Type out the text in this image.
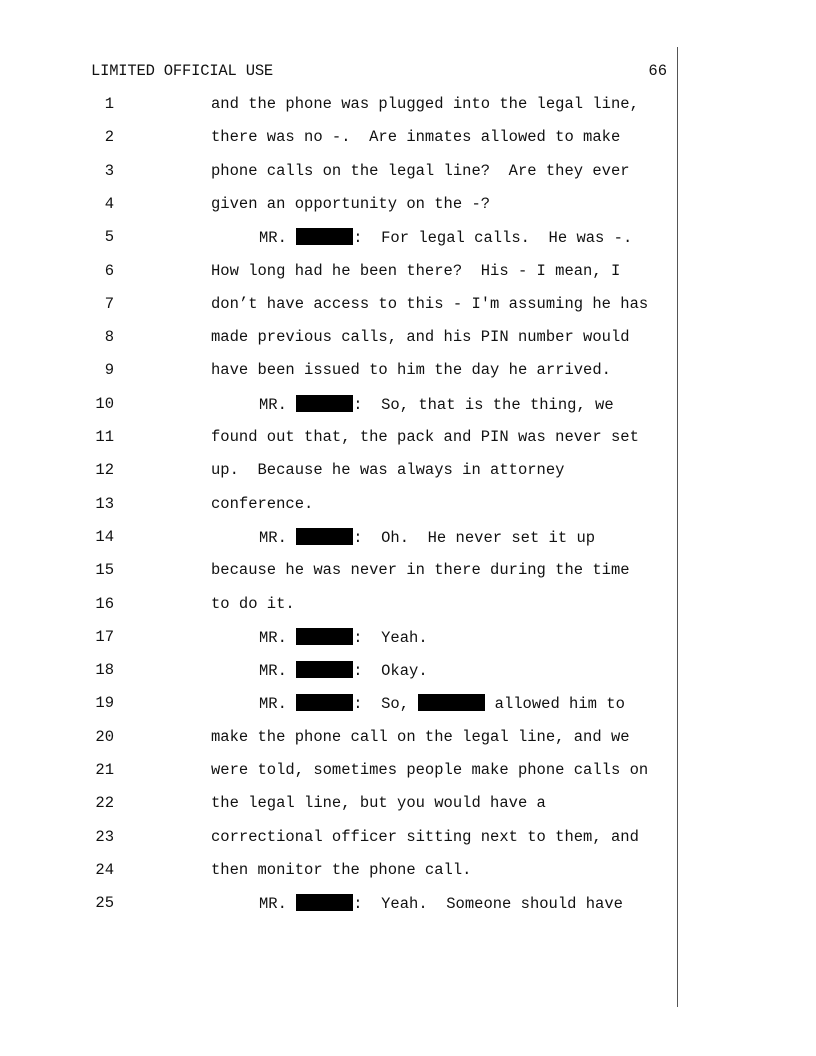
LIMITED OFFICIAL USE	66
1	and the phone was plugged into the legal line,
2	there was no -.  Are inmates allowed to make
3	phone calls on the legal line?  Are they ever
4	given an opportunity on the -?
5	MR.	:  For legal calls.  He was -.
6	How long had he been there?  His - I mean, I
7	don’t have access to this - I'm assuming he has
8	made previous calls, and his PIN number would
9	have been issued to him the day he arrived.
10	MR.	:  So, that is the thing, we
11	found out that, the pack and PIN was never set
12	up.  Because he was always in attorney
13	conference.
14	MR.	:  Oh.  He never set it up
15	because he was never in there during the time
16	to do it.
17	MR.	:  Yeah.
18	MR.	:  Okay.
19	MR.	:  So,	allowed him to
20	make the phone call on the legal line, and we
21	were told, sometimes people make phone calls on
22	the legal line, but you would have a
23	correctional officer sitting next to them, and
24	then monitor the phone call.
25	MR.	:  Yeah.  Someone should have
